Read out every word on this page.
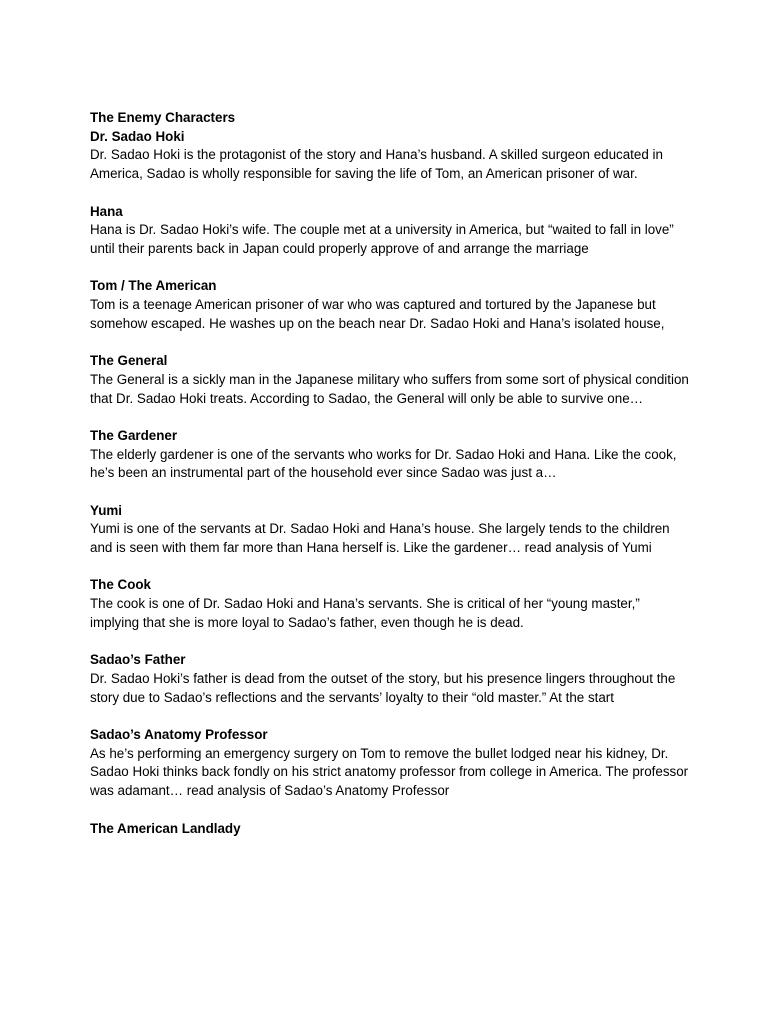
The Enemy Characters

Dr. Sadao Hoki

Dr. Sadao Hoki is the protagonist of the story and Hana’s husband. A skilled surgeon educated in America, Sadao is wholly responsible for saving the life of Tom, an American prisoner of war.

Hana

Hana is Dr. Sadao Hoki’s wife. The couple met at a university in America, but “waited to fall in love” until their parents back in Japan could properly approve of and arrange the marriage

Tom / The American

Tom is a teenage American prisoner of war who was captured and tortured by the Japanese but somehow escaped. He washes up on the beach near Dr. Sadao Hoki and Hana’s isolated house,

The General

The General is a sickly man in the Japanese military who suffers from some sort of physical condition that Dr. Sadao Hoki treats. According to Sadao, the General will only be able to survive one…

The Gardener

The elderly gardener is one of the servants who works for Dr. Sadao Hoki and Hana. Like the cook, he’s been an instrumental part of the household ever since Sadao was just a…

Yumi

Yumi is one of the servants at Dr. Sadao Hoki and Hana’s house. She largely tends to the children and is seen with them far more than Hana herself is. Like the gardener… read analysis of Yumi

The Cook

The cook is one of Dr. Sadao Hoki and Hana’s servants. She is critical of her “young master,” implying that she is more loyal to Sadao’s father, even though he is dead.

Sadao’s Father

Dr. Sadao Hoki’s father is dead from the outset of the story, but his presence lingers throughout the story due to Sadao’s reflections and the servants’ loyalty to their “old master.” At the start

Sadao’s Anatomy Professor

As he’s performing an emergency surgery on Tom to remove the bullet lodged near his kidney, Dr. Sadao Hoki thinks back fondly on his strict anatomy professor from college in America. The professor was adamant… read analysis of Sadao’s Anatomy Professor

The American Landlady
